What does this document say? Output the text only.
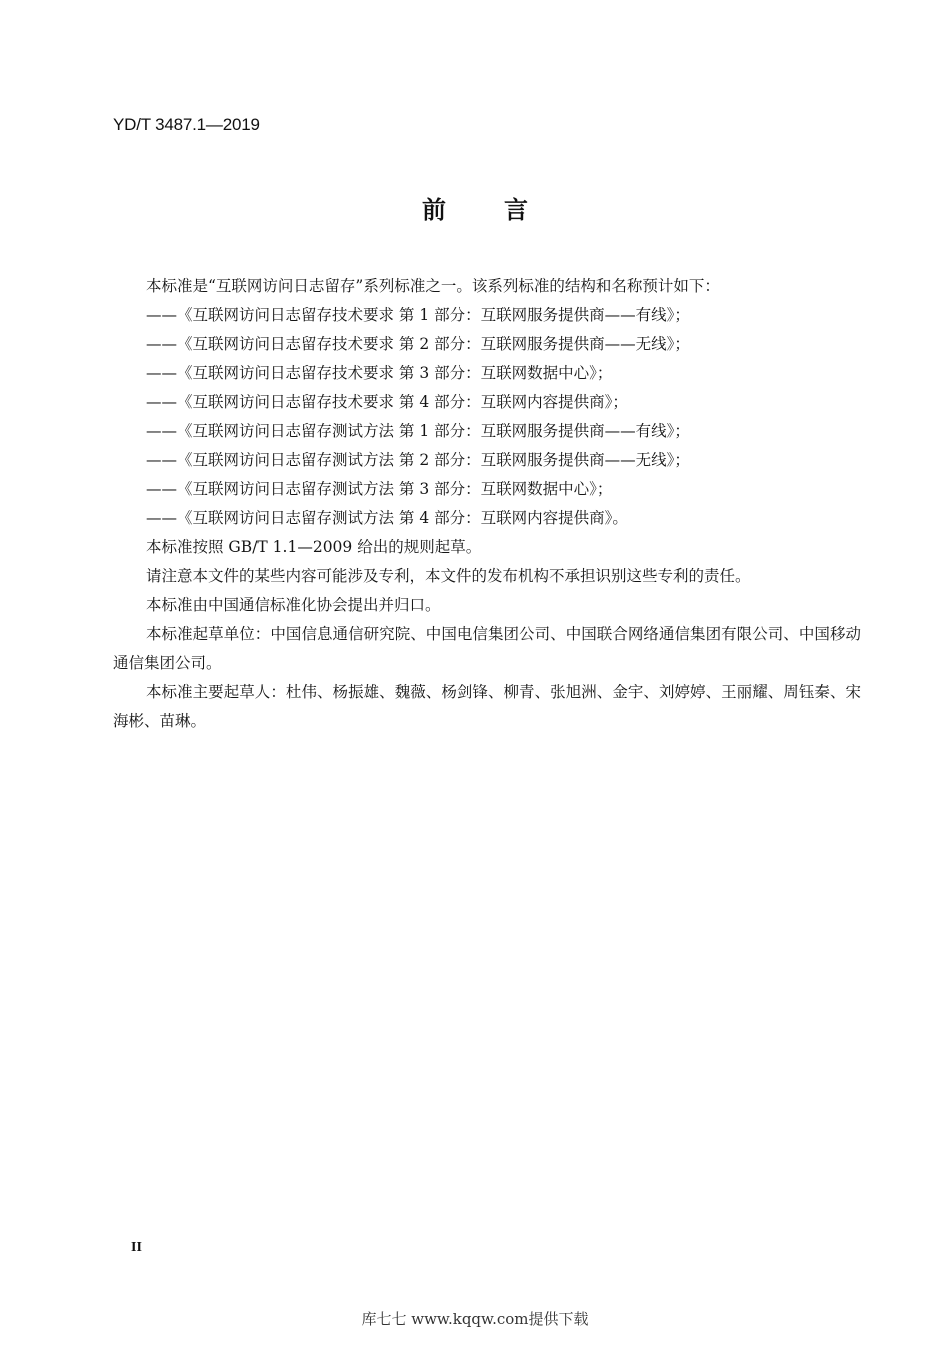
YD/T 3487.1—2019
前 言

本标准是“互联网访问日志留存”系列标准之一。该系列标准的结构和名称预计如下：

——《互联网访问日志留存技术要求 第 1 部分：互联网服务提供商——有线》；

——《互联网访问日志留存技术要求 第 2 部分：互联网服务提供商——无线》；

——《互联网访问日志留存技术要求 第 3 部分：互联网数据中心》；

——《互联网访问日志留存技术要求 第 4 部分：互联网内容提供商》；

——《互联网访问日志留存测试方法 第 1 部分：互联网服务提供商——有线》；

——《互联网访问日志留存测试方法 第 2 部分：互联网服务提供商——无线》；

——《互联网访问日志留存测试方法 第 3 部分：互联网数据中心》；

——《互联网访问日志留存测试方法 第 4 部分：互联网内容提供商》。

本标准按照 GB/T 1.1—2009 给出的规则起草。

请注意本文件的某些内容可能涉及专利，本文件的发布机构不承担识别这些专利的责任。

本标准由中国通信标准化协会提出并归口。

本标准起草单位：中国信息通信研究院、中国电信集团公司、中国联合网络通信集团有限公司、中国移动通信集团公司。

本标准主要起草人：杜伟、杨振雄、魏薇、杨剑锋、柳青、张旭洲、金宇、刘婷婷、王丽耀、周钰秦、宋海彬、苗琳。

II
库七七 www.kqqw.com提供下载
